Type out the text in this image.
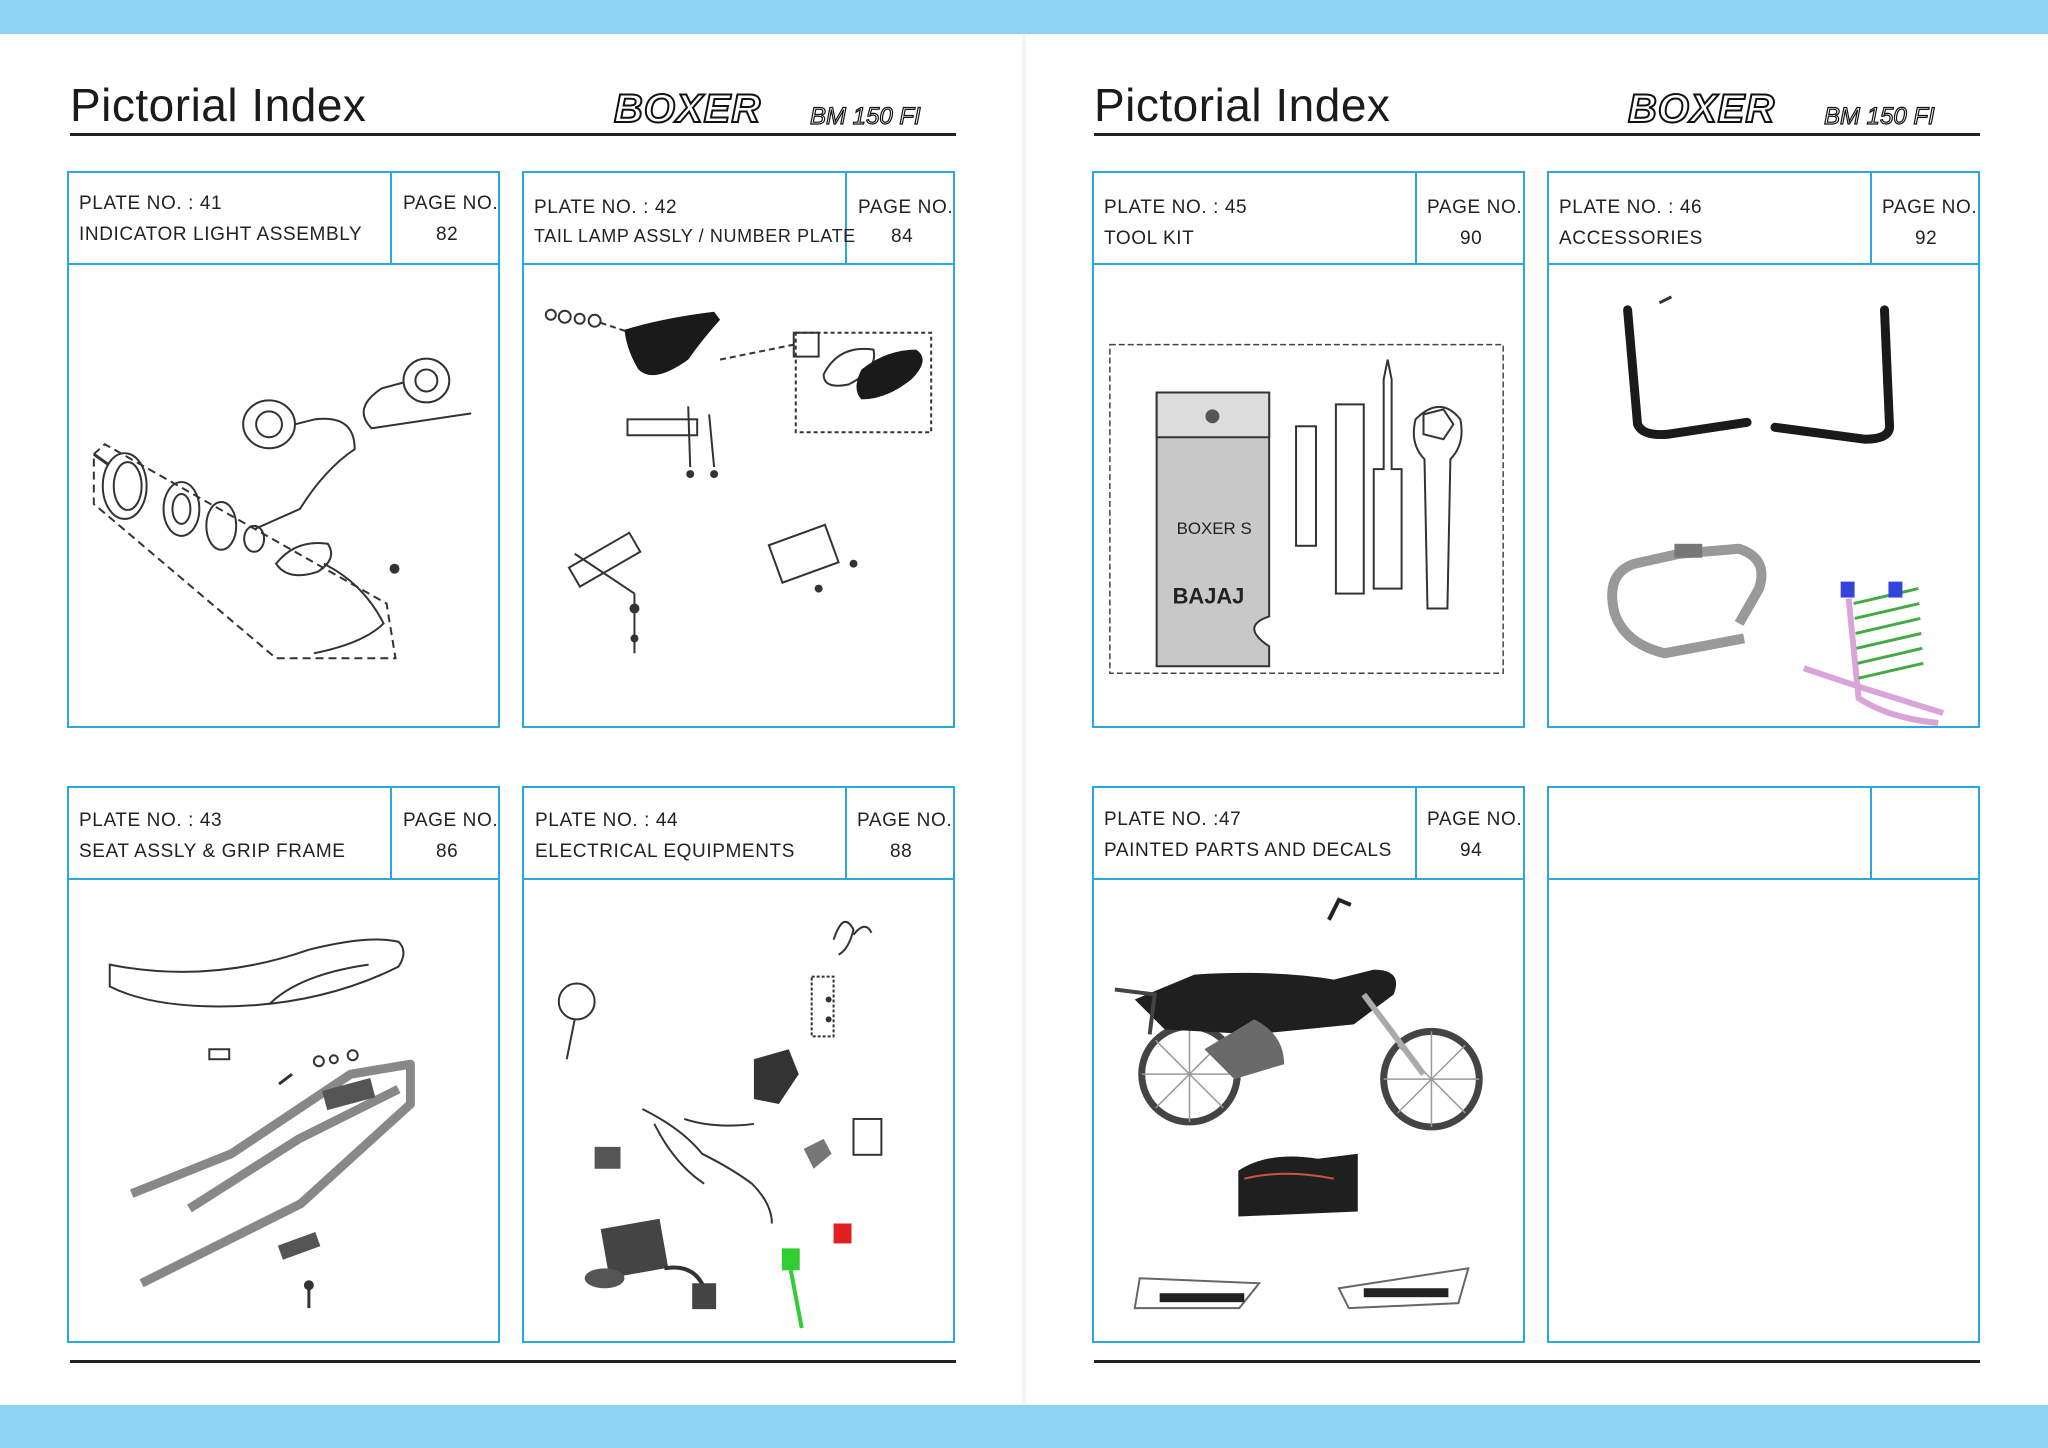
Pictorial Index	BOXER BM 150 FI
PLATE NO. : 41
INDICATOR LIGHT ASSEMBLY
PAGE NO.
82
PLATE NO. : 42
TAIL LAMP ASSLY / NUMBER PLATE
PAGE NO.
84
PLATE NO. : 43
SEAT ASSLY & GRIP FRAME
PAGE NO.
86
PLATE NO. : 44
ELECTRICAL EQUIPMENTS
PAGE NO.
88
Pictorial Index	BOXER BM 150 FI
PLATE NO. : 45
TOOL KIT
PAGE NO.
90
BOXER S
BAJAJ
PLATE NO. : 46
ACCESSORIES
PAGE NO.
92
PLATE NO. :47
PAINTED PARTS AND DECALS
PAGE NO.
94
